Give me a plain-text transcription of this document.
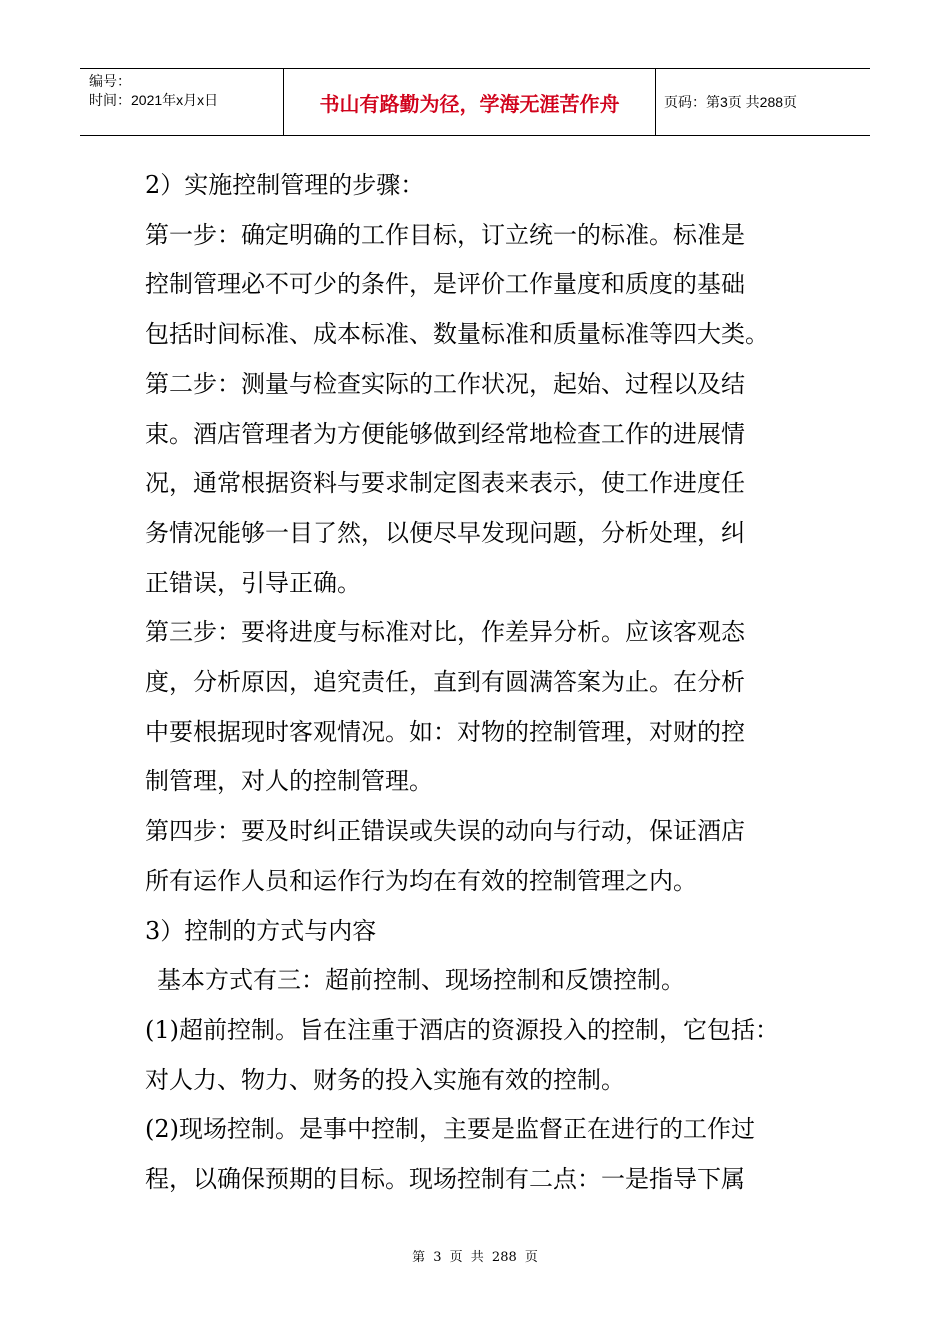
编号：
时间：2021年x月x日	书山有路勤为径，学海无涯苦作舟	页码：第3页 共288页

2）实施控制管理的步骤：

第一步：确定明确的工作目标，订立统一的标准。标准是

控制管理必不可少的条件，是评价工作量度和质度的基础

包括时间标准、成本标准、数量标准和质量标准等四大类。

第二步：测量与检查实际的工作状况，起始、过程以及结

束。酒店管理者为方便能够做到经常地检查工作的进展情

况，通常根据资料与要求制定图表来表示，使工作进度任

务情况能够一目了然，以便尽早发现问题，分析处理，纠

正错误，引导正确。

第三步：要将进度与标准对比，作差异分析。应该客观态

度，分析原因，追究责任，直到有圆满答案为止。在分析

中要根据现时客观情况。如：对物的控制管理，对财的控

制管理，对人的控制管理。

第四步：要及时纠正错误或失误的动向与行动，保证酒店

所有运作人员和运作行为均在有效的控制管理之内。

3）控制的方式与内容

基本方式有三：超前控制、现场控制和反馈控制。

(1)超前控制。旨在注重于酒店的资源投入的控制，它包括：

对人力、物力、财务的投入实施有效的控制。

(2)现场控制。是事中控制，主要是监督正在进行的工作过

程，以确保预期的目标。现场控制有二点：一是指导下属

第 3 页 共 288 页
